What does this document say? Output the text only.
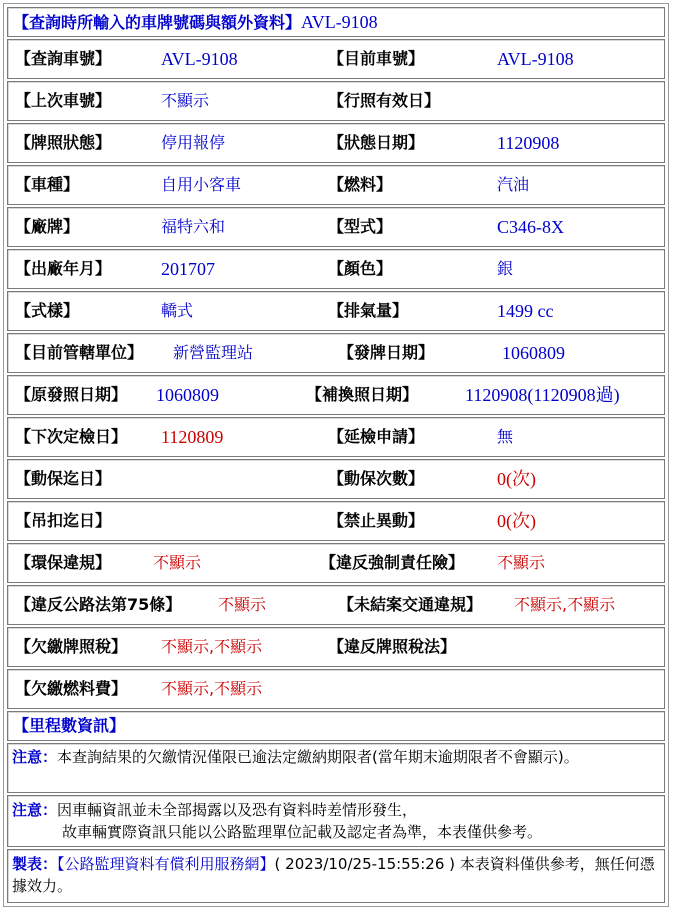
【查詢時所輸入的車牌號碼與額外資料】AVL-9108
【查詢車號】	AVL-9108	【目前車號】	AVL-9108
【上次車號】	不顯示	【行照有效日】
【牌照狀態】	停用報停	【狀態日期】	1120908
【車種】	自用小客車	【燃料】	汽油
【廠牌】	福特六和	【型式】	C346-8X
【出廠年月】	201707	【顏色】	銀
【式樣】	轎式	【排氣量】	1499 cc
【目前管轄單位】 新營監理站	【發牌日期】	1060809
【原發照日期】 1060809	【補換照日期】	1120908(1120908過)
【下次定檢日】 1120809	【延檢申請】	無
【動保迄日】	【動保次數】	0(次)
【吊扣迄日】	【禁止異動】	0(次)
【環保違規】	不顯示	【違反強制責任險】 不顯示
【違反公路法第75條】 不顯示	【未結案交通違規】 不顯示,不顯示
【欠繳牌照稅】 不顯示,不顯示	【違反牌照稅法】
【欠繳燃料費】 不顯示,不顯示
【里程數資訊】
注意：本查詢結果的欠繳情況僅限已逾法定繳納期限者(當年期末逾期限者不會顯示)。
注意：因車輛資訊並未全部揭露以及恐有資料時差情形發生，
故車輛實際資訊只能以公路監理單位記載及認定者為準，本表僅供參考。
製表：【公路監理資料有償利用服務網】( 2023/10/25-15:55:26 ) 本表資料僅供參考，無任何憑據效力。
